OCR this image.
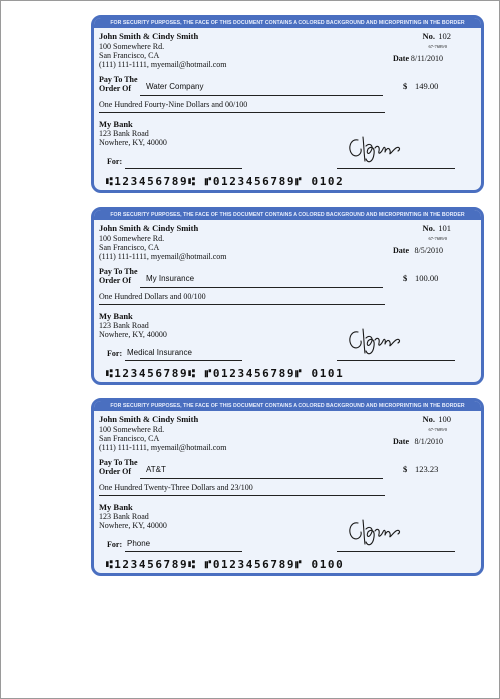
FOR SECURITY PURPOSES, THE FACE OF THIS DOCUMENT CONTAINS A COLORED BACKGROUND AND MICROPRINTING IN THE BORDER
John Smith & Cindy Smith
100 Somewhere Rd.
San Francisco, CA
(111) 111-1111, myemail@hotmail.com
No. 102
67-7689/0
Date 8/11/2010
Pay To The
Order Of	Water Company	$ 149.00
One Hundred Fourty-Nine Dollars and 00/100
My Bank
123 Bank Road
Nowhere, KY, 40000
For:
⑆123456789⑆ ⑈0123456789⑈ 0102
FOR SECURITY PURPOSES, THE FACE OF THIS DOCUMENT CONTAINS A COLORED BACKGROUND AND MICROPRINTING IN THE BORDER
John Smith & Cindy Smith
100 Somewhere Rd.
San Francisco, CA
(111) 111-1111, myemail@hotmail.com
No. 101
67-7689/0
Date 8/5/2010
Pay To The
Order Of	My Insurance	$ 100.00
One Hundred Dollars and 00/100
My Bank
123 Bank Road
Nowhere, KY, 40000
For: Medical Insurance
⑆123456789⑆ ⑈0123456789⑈ 0101
FOR SECURITY PURPOSES, THE FACE OF THIS DOCUMENT CONTAINS A COLORED BACKGROUND AND MICROPRINTING IN THE BORDER
John Smith & Cindy Smith
100 Somewhere Rd.
San Francisco, CA
(111) 111-1111, myemail@hotmail.com
No. 100
67-7689/0
Date 8/1/2010
Pay To The
Order Of	AT&T	$ 123.23
One Hundred Twenty-Three Dollars and 23/100
My Bank
123 Bank Road
Nowhere, KY, 40000
For: Phone
⑆123456789⑆ ⑈0123456789⑈ 0100
